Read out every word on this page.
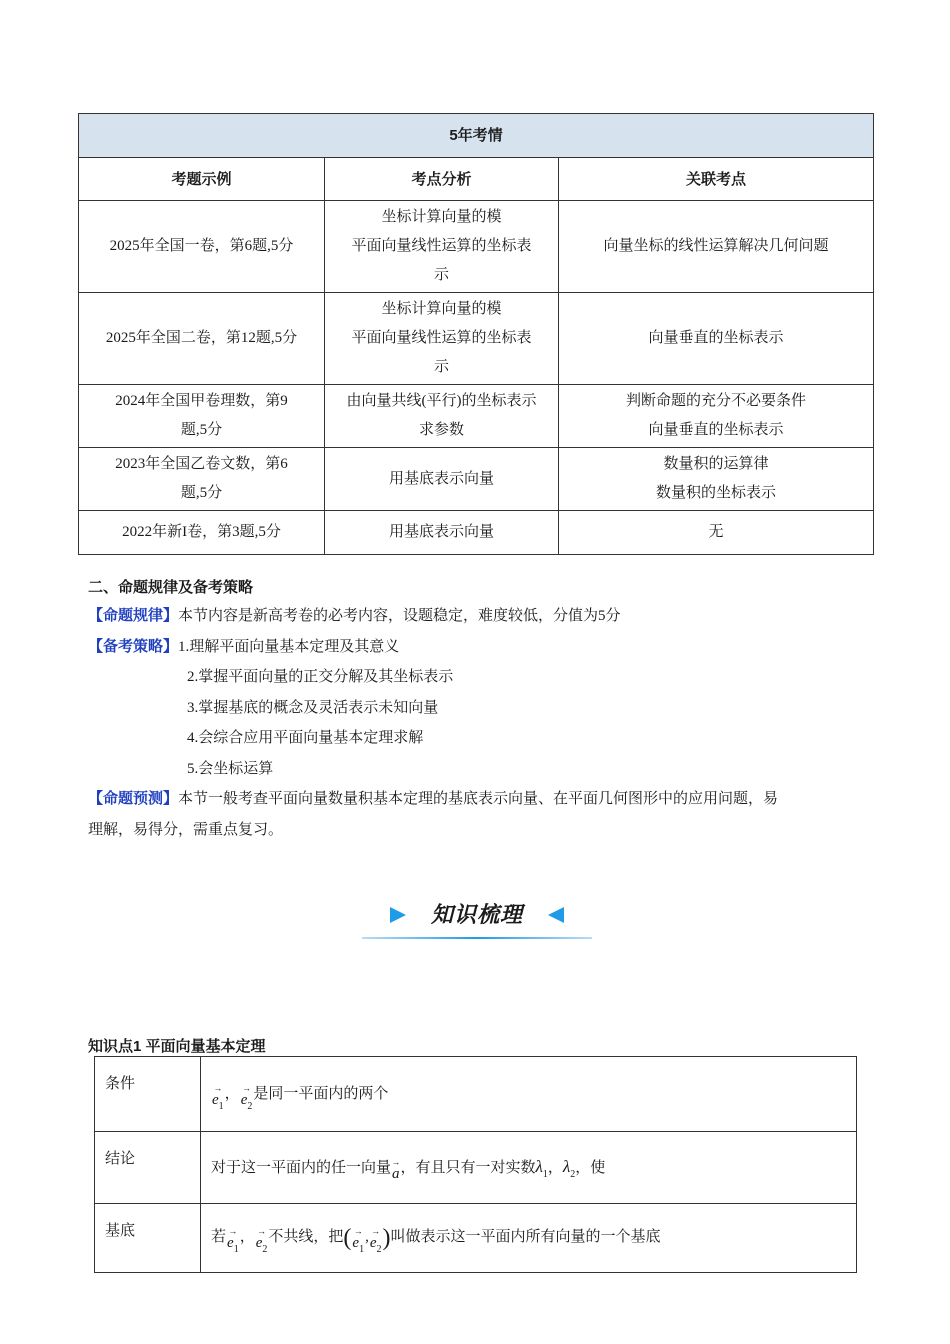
5年考情		
考题示例	考点分析	关联考点

2025年全国一卷，第6题,5分	坐标计算向量的模
平面向量线性运算的坐标表
示	向量坐标的线性运算解决几何问题

2025年全国二卷，第12题,5分	坐标计算向量的模
平面向量线性运算的坐标表
示	向量垂直的坐标表示

2024年全国甲卷理数，第9
题,5分	由向量共线(平行)的坐标表示
求参数	判断命题的充分不必要条件
向量垂直的坐标表示

2023年全国乙卷文数，第6
题,5分	用基底表示向量	数量积的运算律
数量积的坐标表示

2022年新I卷，第3题,5分	用基底表示向量	无

二、命题规律及备考策略

【命题规律】本节内容是新高考卷的必考内容，设题稳定，难度较低，分值为5分

【备考策略】1.理解平面向量基本定理及其意义

2.掌握平面向量的正交分解及其坐标表示

3.掌握基底的概念及灵活表示未知向量

4.会综合应用平面向量基本定理求解

5.会坐标运算

【命题预测】本节一般考查平面向量数量积基本定理的基底表示向量、在平面几何图形中的应用问题，易

理解，易得分，需重点复习。

知识梳理
知识点1 平面向量基本定理
条件	→ $e_1$，→ $e_2$是同一平面内的两个
结论	对于这一平面内的任一向量→ a，有且只有一对实数$\lambda_1$，$\lambda_2$，使
基底	若→ $e_1$，→ $e_2$不共线，把(→ $e_1,\to e_2$)叫做表示这一平面内所有向量的一个基底
